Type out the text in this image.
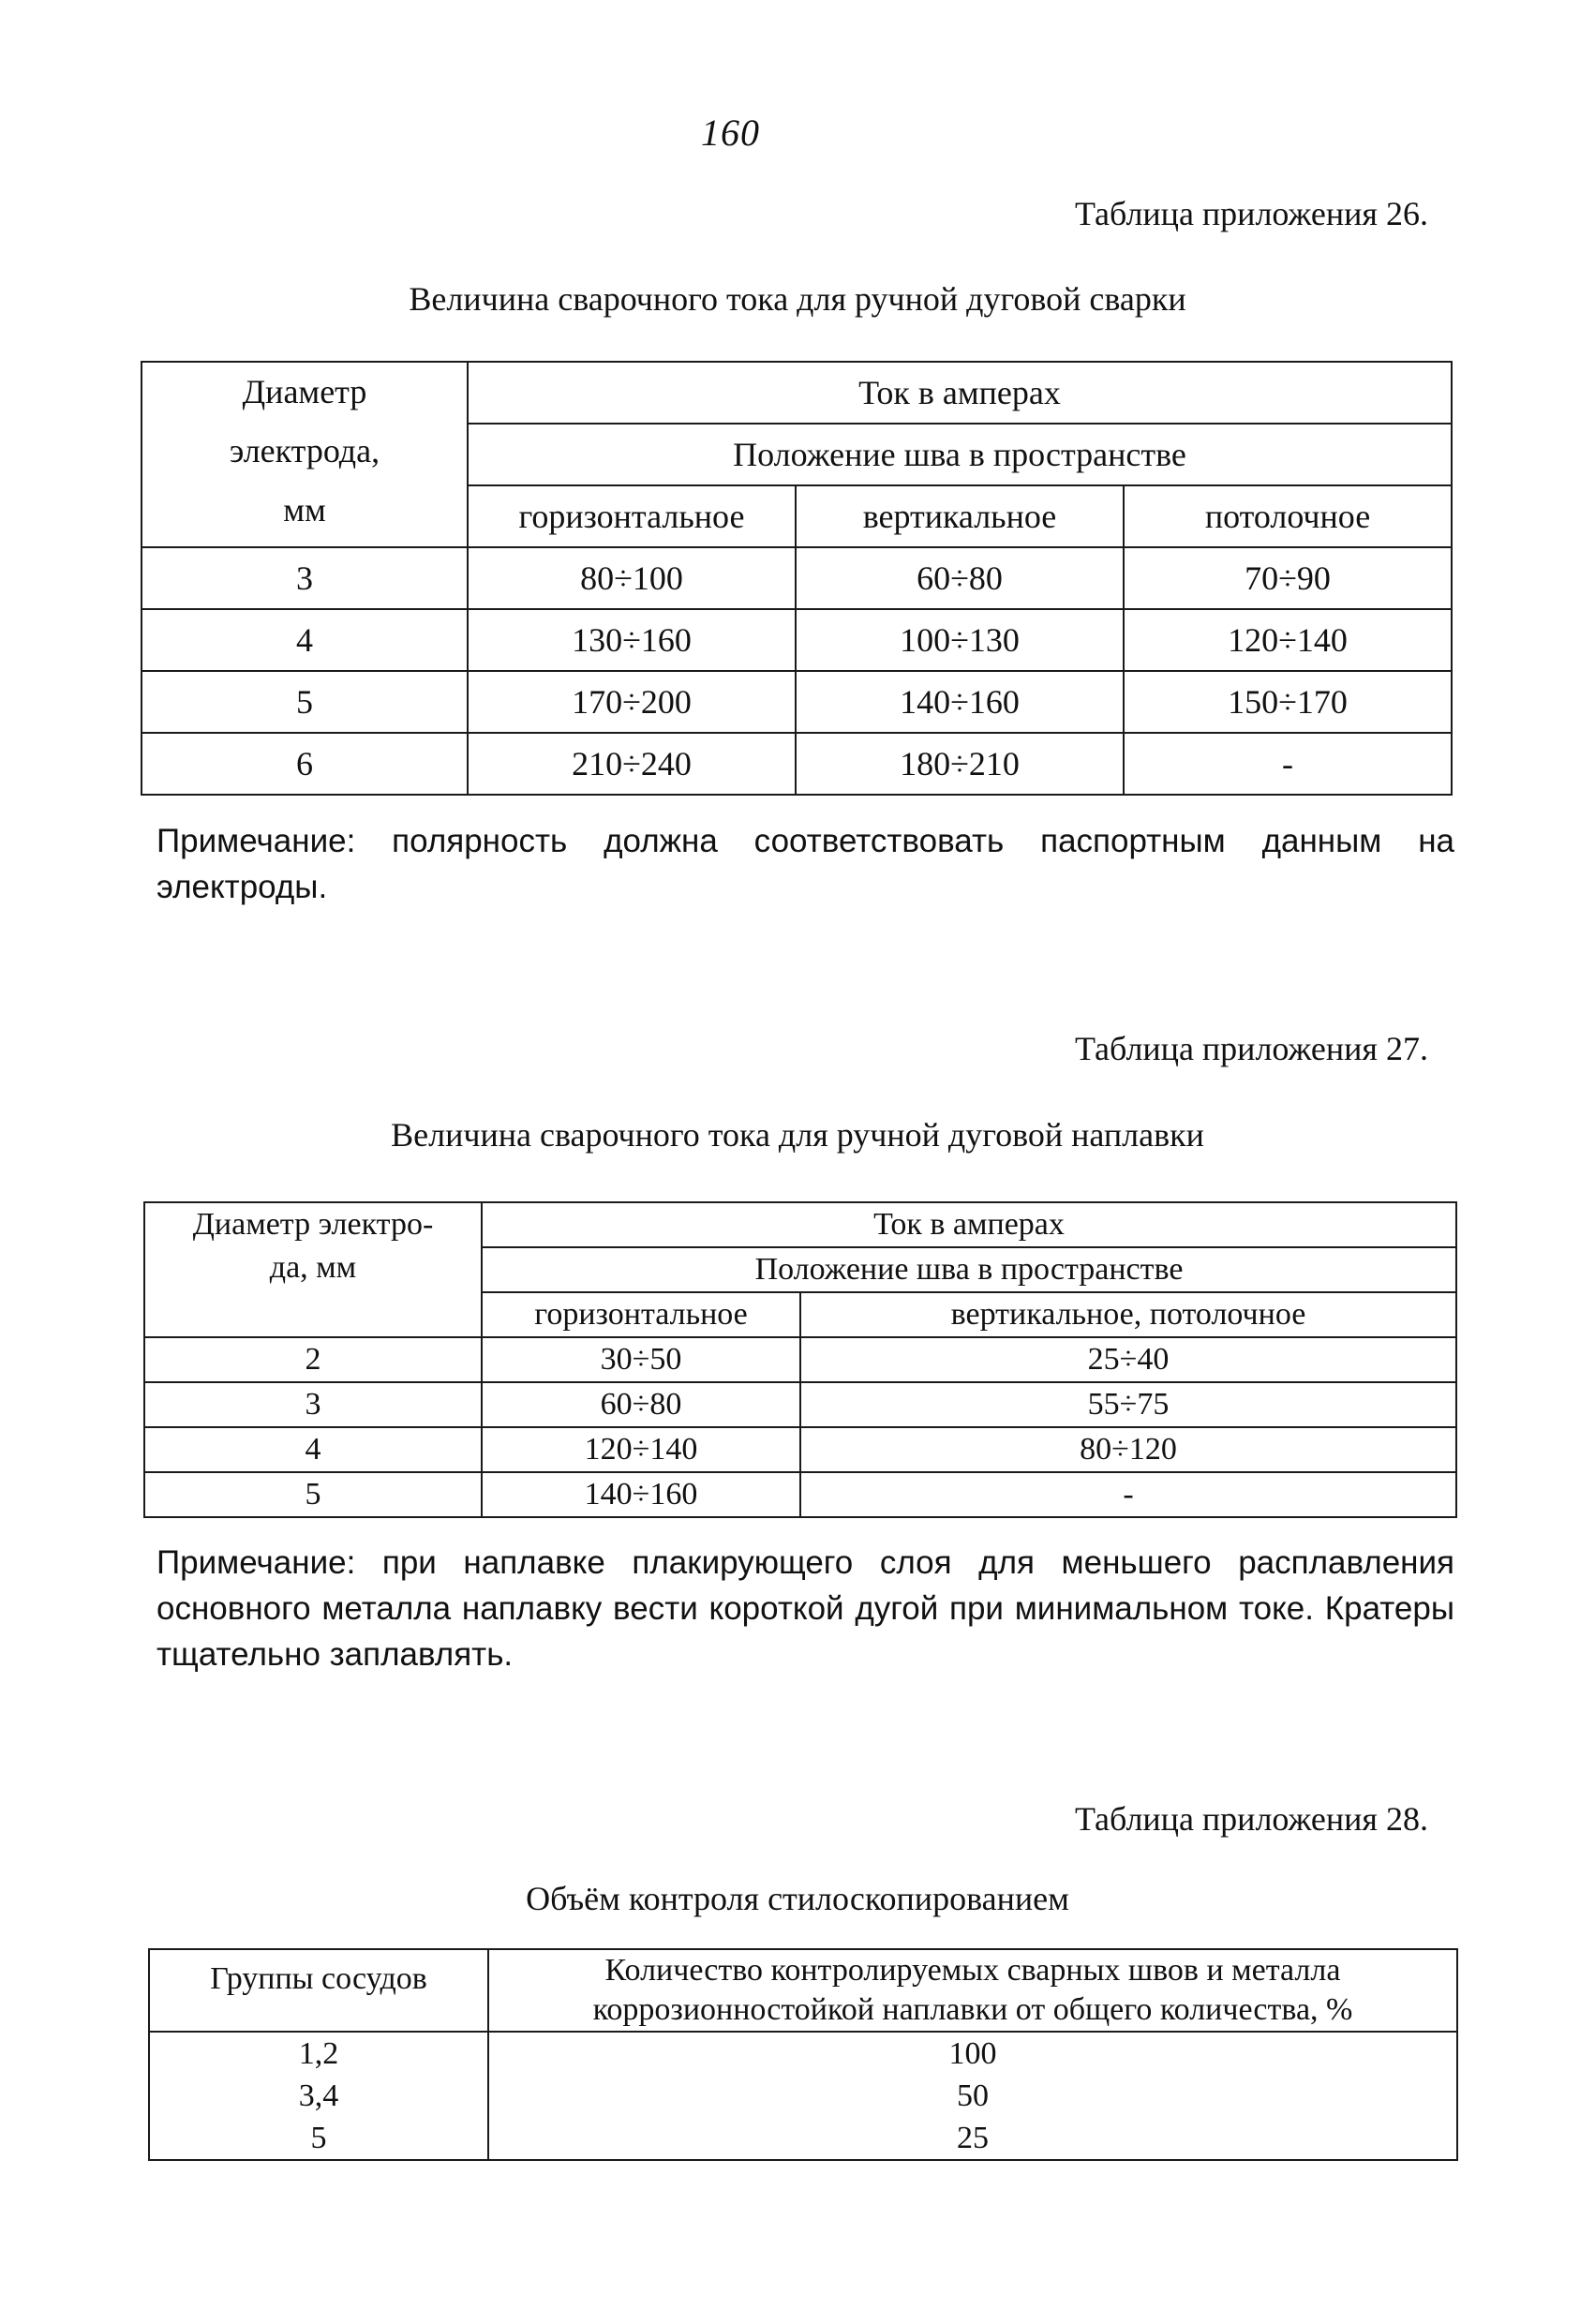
160
Таблица приложения 26.
Величина сварочного тока для ручной дуговой сварки
Диаметр
электрода,
мм	Ток в амперах		
	Положение шва в пространстве		
	горизонтальное	вертикальное	потолочное
3	80÷100	60÷80	70÷90
4	130÷160	100÷130	120÷140
5	170÷200	140÷160	150÷170
6	210÷240	180÷210	-
Примечание: полярность должна соответствовать паспортным данным на электроды.
Таблица приложения 27.
Величина сварочного тока для ручной дуговой наплавки
Диаметр электро-
да, мм	Ток в амперах	
	Положение шва в пространстве	
	горизонтальное	вертикальное, потолочное
2	30÷50	25÷40
3	60÷80	55÷75
4	120÷140	80÷120
5	140÷160	-
Примечание: при наплавке плакирующего слоя для меньшего расплавления основного металла наплавку вести короткой дугой при минимальном токе. Кратеры тщательно заплавлять.
Таблица приложения 28.
Объём контроля стилоскопированием
Группы сосудов	Количество контролируемых сварных швов и металла
коррозионностойкой наплавки от общего количества, %

1,2	100
3,4	50
5	25
